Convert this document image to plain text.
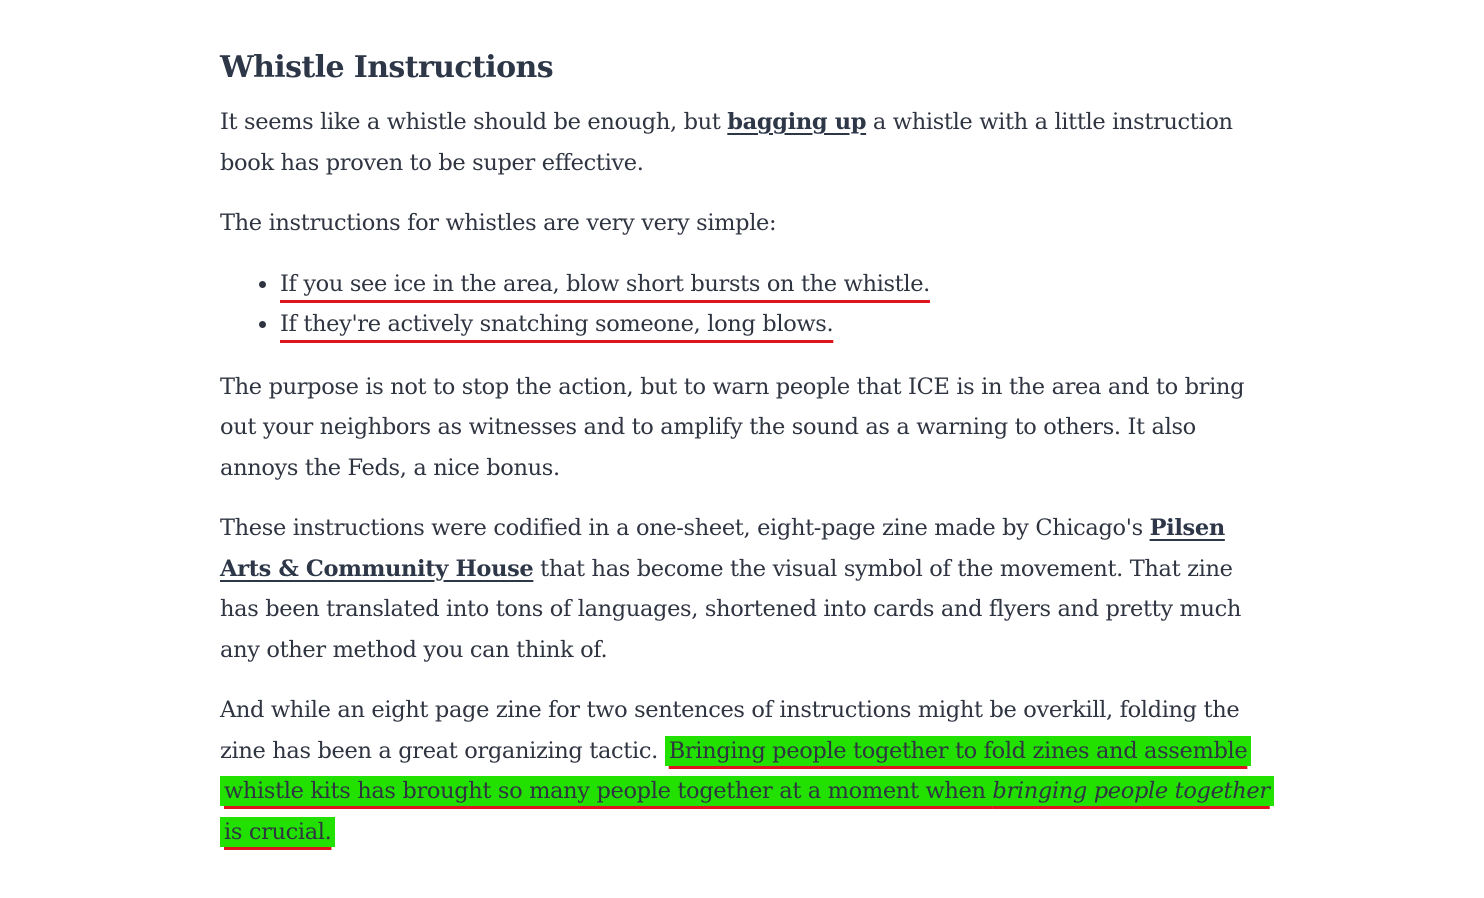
Whistle Instructions

It seems like a whistle should be enough, but bagging up a whistle with a little instruction book has proven to be super effective.

The instructions for whistles are very very simple:

If you see ice in the area, blow short bursts on the whistle.
If they're actively snatching someone, long blows.

The purpose is not to stop the action, but to warn people that ICE is in the area and to bring out your neighbors as witnesses and to amplify the sound as a warning to others. It also annoys the Feds, a nice bonus.

These instructions were codified in a one-sheet, eight-page zine made by Chicago's Pilsen Arts & Community House that has become the visual symbol of the movement. That zine has been translated into tons of languages, shortened into cards and flyers and pretty much any other method you can think of.

And while an eight page zine for two sentences of instructions might be overkill, folding the zine has been a great organizing tactic. Bringing people together to fold zines and assemble whistle kits has brought so many people together at a moment when bringing people together is crucial.
